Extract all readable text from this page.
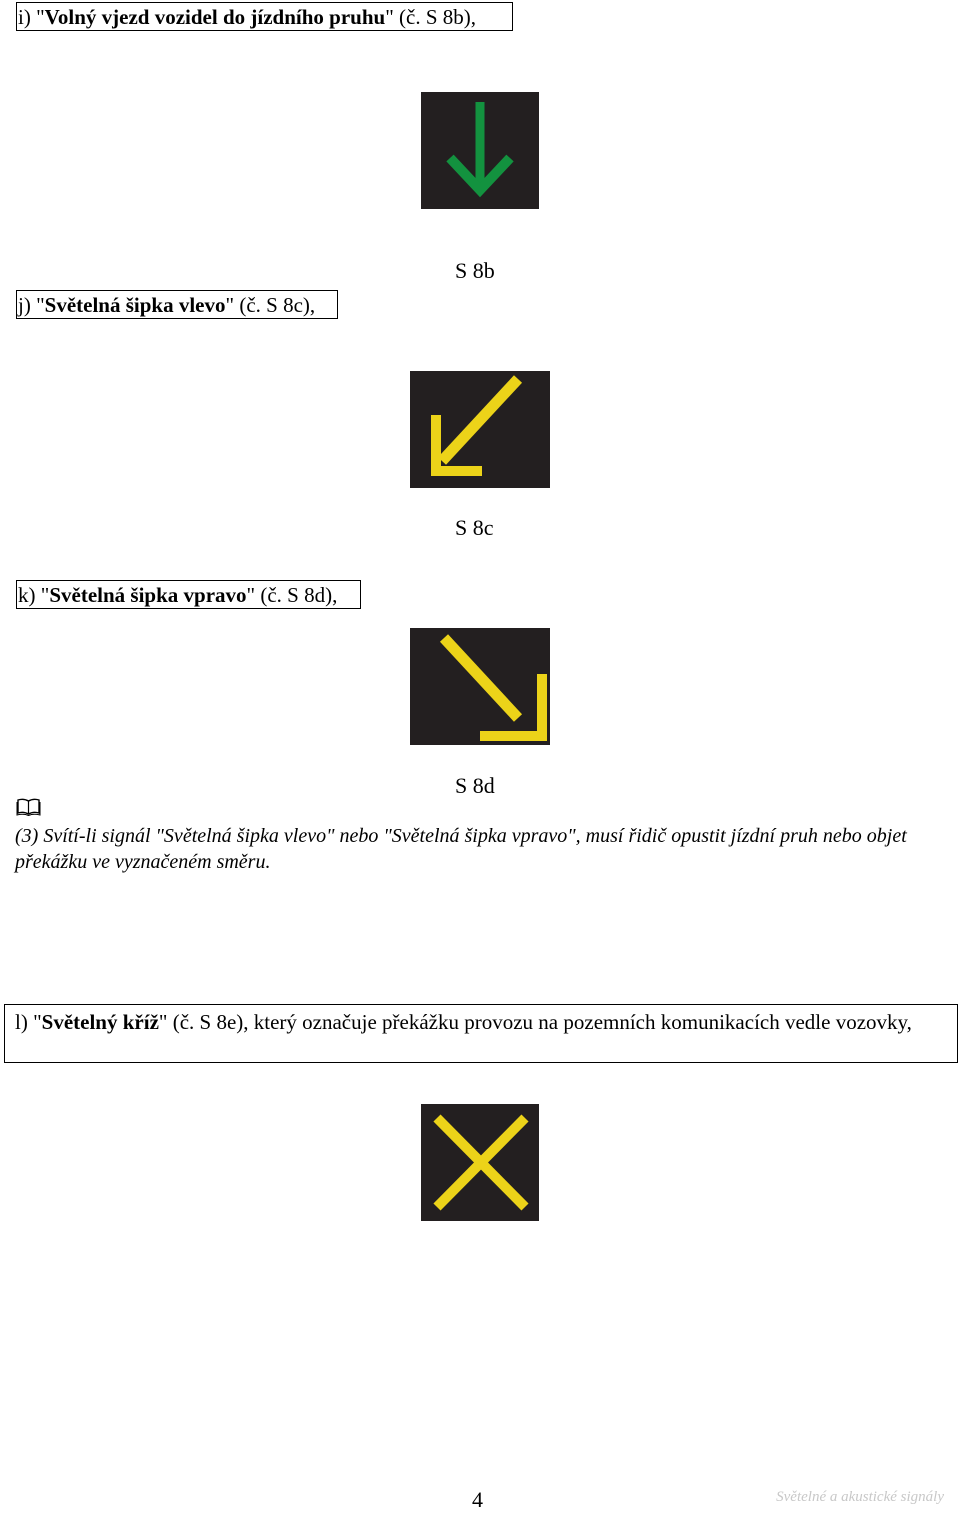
i) "Volný vjezd vozidel do jízdního pruhu" (č. S 8b),
S 8b
j) "Světelná šipka vlevo" (č. S 8c),
S 8c
k) "Světelná šipka vpravo" (č. S 8d),
S 8d
(3) Svítí-li signál "Světelná šipka vlevo" nebo "Světelná šipka vpravo", musí řidič opustit jízdní pruh nebo objet překážku ve vyznačeném směru.
l) "Světelný kříž" (č. S 8e), který označuje překážku provozu na pozemních komunikacích vedle vozovky,
4	Světelné a akustické signály
